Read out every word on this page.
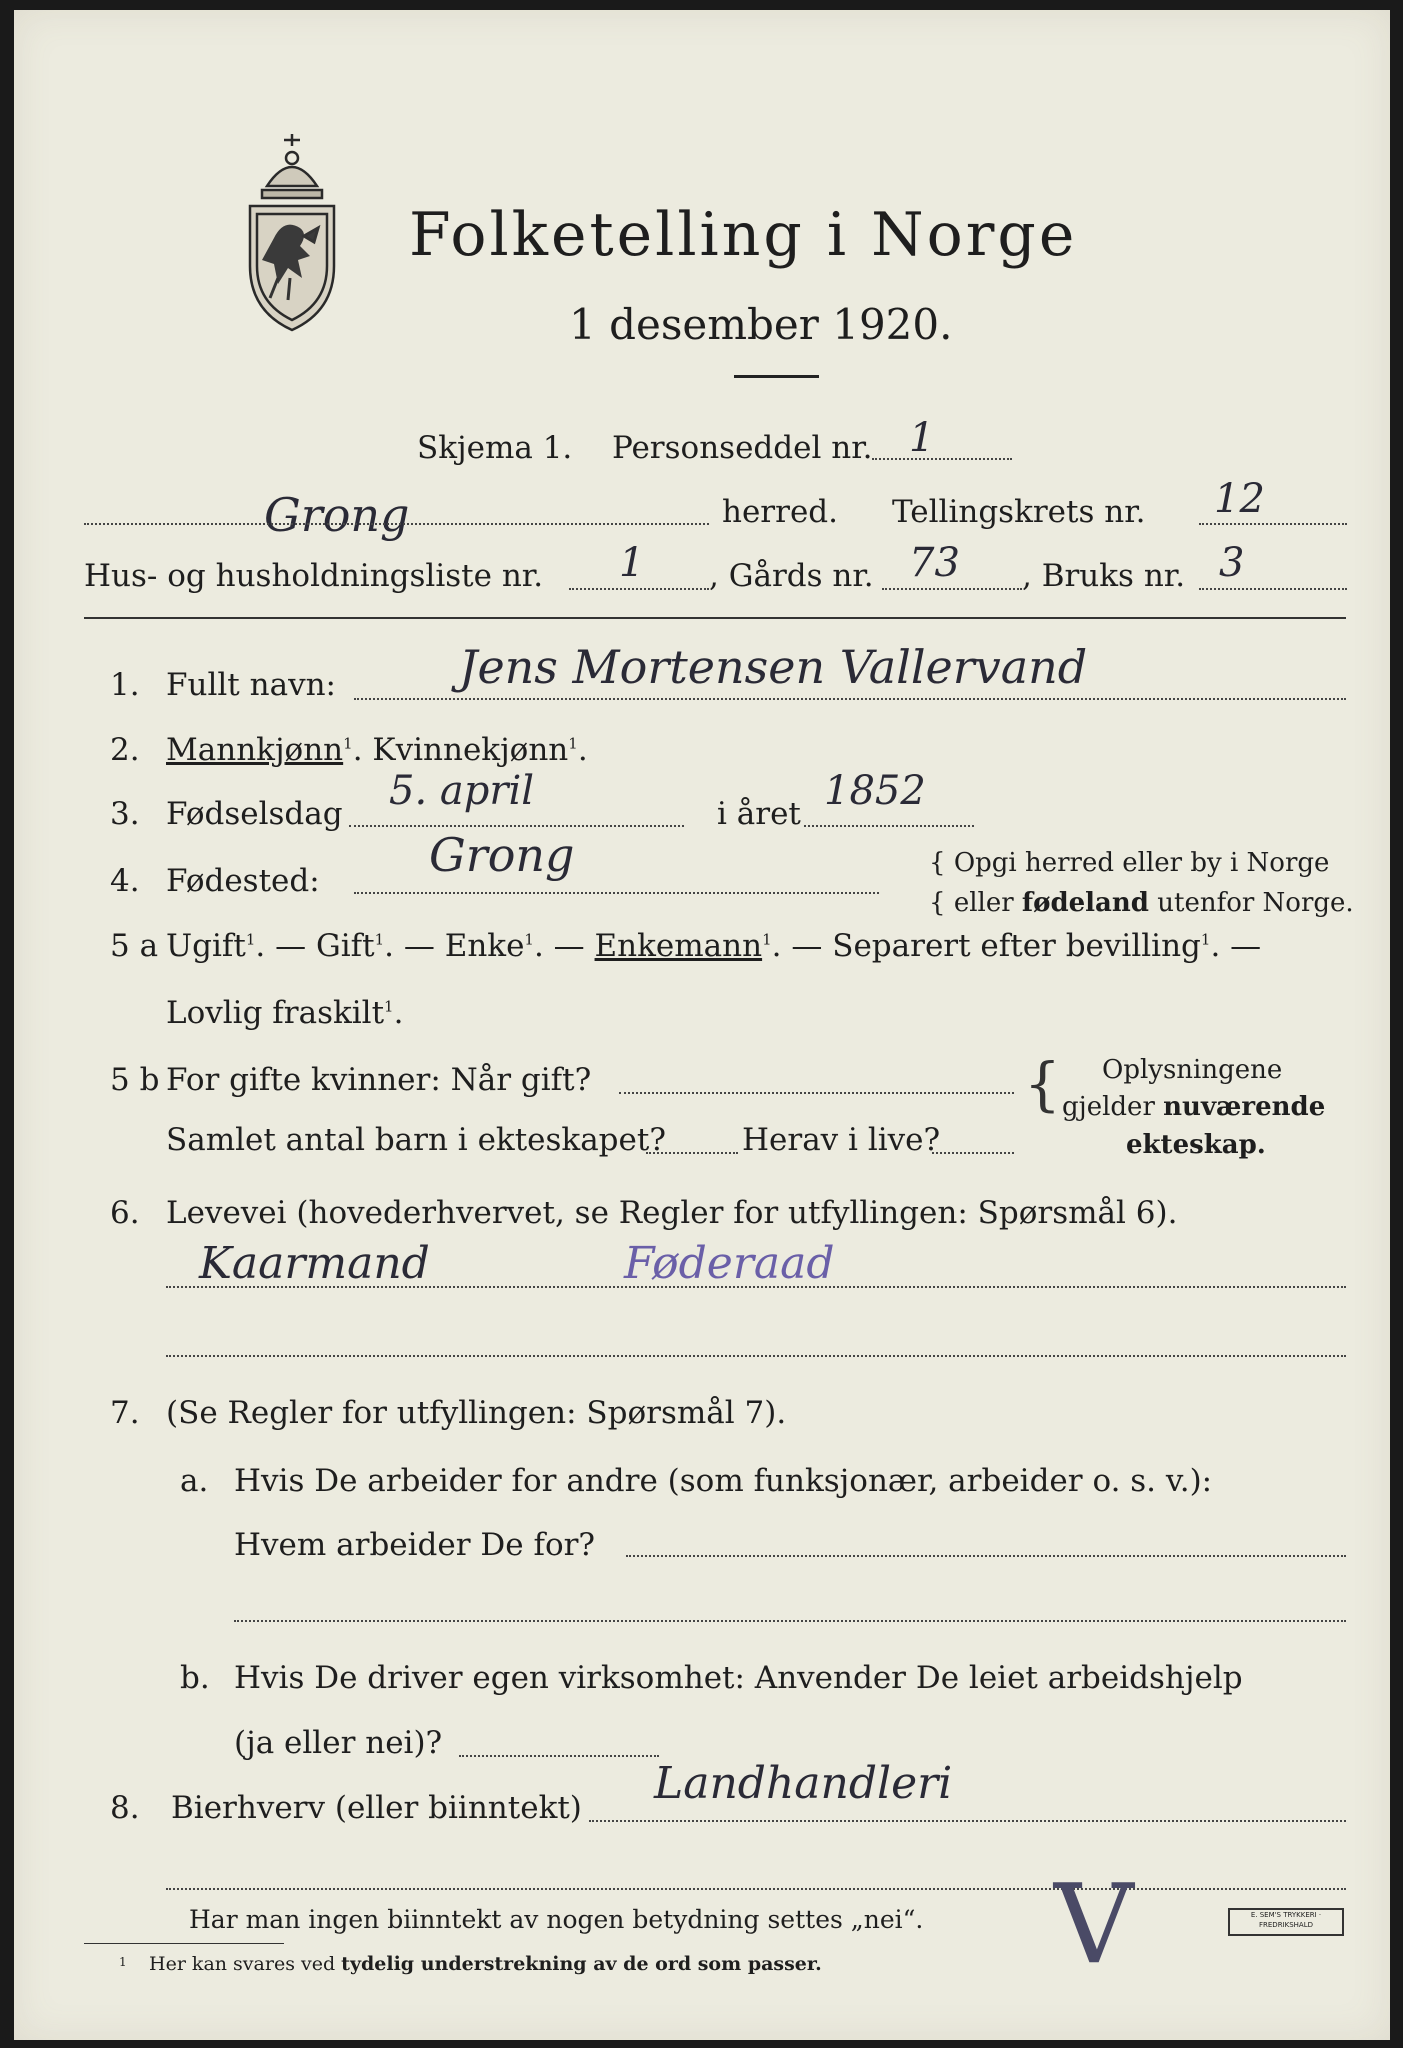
Folketelling i Norge
1 desember 1920.
Skjema 1. Personseddel nr. 1
Grong	herred. Tellingskrets nr. 12
Hus- og husholdningsliste nr. 1 , Gårds nr. 73 , Bruks nr. 3
1. Fullt navn:	Jens Mortensen Vallervand
2. Mannkjønn$^1$. Kvinnekjønn$^1$.
3. Fødselsdag 5. april	i året 1852
4. Fødested: Grong	{ Opgi herred eller by i Norge
{ eller fødeland utenfor Norge.
5 a Ugift$^1$. — Gift$^1$. — Enke$^1$. — Enkemann$^1$. — Separert efter bevilling$^1$. —
Lovlig fraskilt$^1$.
5 b For gifte kvinner: Når gift?
Samlet antal barn i ekteskapet? Herav i live?
{ Oplysningene
gjelder nuværende
ekteskap.
6. Levevei (hovederhvervet, se Regler for utfyllingen: Spørsmål 6).
Kaarmand	Føderaad
7. (Se Regler for utfyllingen: Spørsmål 7).
a. Hvis De arbeider for andre (som funksjonær, arbeider o. s. v.):
Hvem arbeider De for?
b. Hvis De driver egen virksomhet: Anvender De leiet arbeidshjelp
(ja eller nei)?
8. Bierhverv (eller biinntekt) Landhandleri
Har man ingen biinntekt av nogen betydning settes „nei“.
1 Her kan svares ved tydelig understrekning av de ord som passer. V	E. SEM'S TRYKKERI · FREDRIKSHALD
